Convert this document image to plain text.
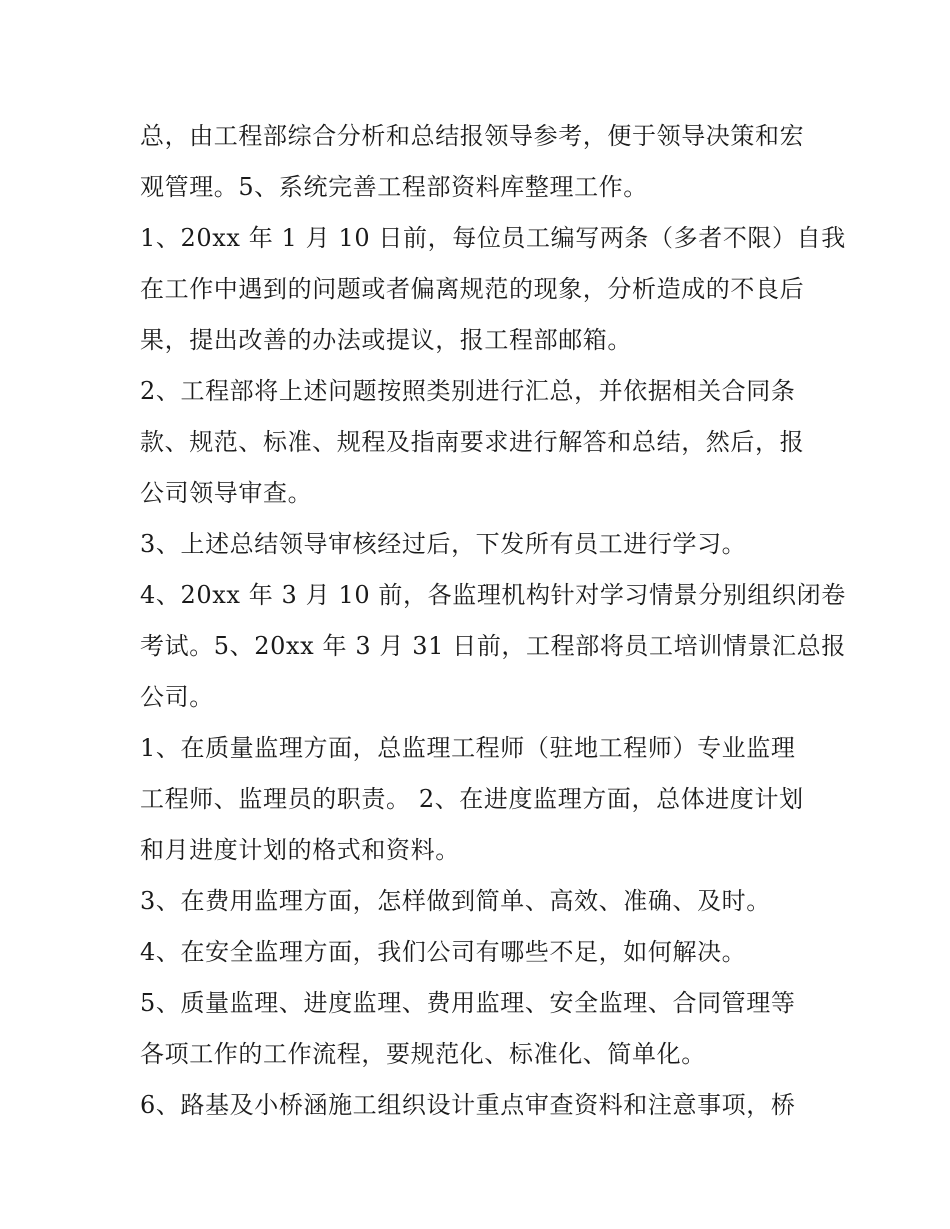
总，由工程部综合分析和总结报领导参考，便于领导决策和宏
观管理。5、系统完善工程部资料库整理工作。
1、20xx 年 1 月 10 日前，每位员工编写两条（多者不限）自我
在工作中遇到的问题或者偏离规范的现象，分析造成的不良后
果，提出改善的办法或提议，报工程部邮箱。
2、工程部将上述问题按照类别进行汇总，并依据相关合同条
款、规范、标准、规程及指南要求进行解答和总结，然后，报
公司领导审查。
3、上述总结领导审核经过后，下发所有员工进行学习。
4、20xx 年 3 月 10 前，各监理机构针对学习情景分别组织闭卷
考试。5、20xx 年 3 月 31 日前，工程部将员工培训情景汇总报
公司。
1、在质量监理方面，总监理工程师（驻地工程师）专业监理
工程师、监理员的职责。 2、在进度监理方面，总体进度计划
和月进度计划的格式和资料。
3、在费用监理方面，怎样做到简单、高效、准确、及时。
4、在安全监理方面，我们公司有哪些不足，如何解决。
5、质量监理、进度监理、费用监理、安全监理、合同管理等
各项工作的工作流程，要规范化、标准化、简单化。
6、路基及小桥涵施工组织设计重点审查资料和注意事项，桥
